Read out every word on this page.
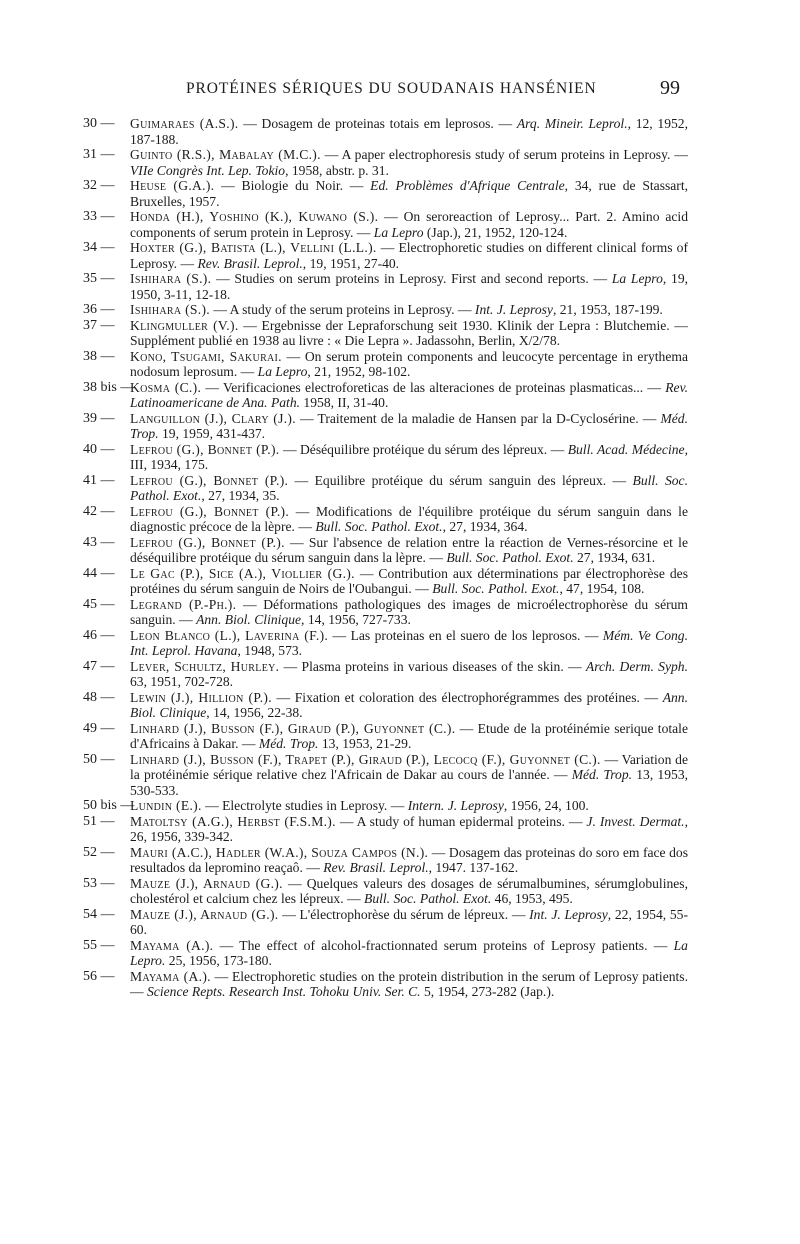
PROTÉINES SÉRIQUES DU SOUDANAIS HANSÉNIEN	99
30 — Guimaraes (A.S.). — Dosagem de proteinas totais em leprosos. — Arq. Mineir. Leprol., 12, 1952, 187-188.
31 — Guinto (R.S.), Mabalay (M.C.). — A paper electrophoresis study of serum proteins in Leprosy. — VIIe Congrès Int. Lep. Tokio, 1958, abstr. p. 31.
32 — Heuse (G.A.). — Biologie du Noir. — Ed. Problèmes d'Afrique Centrale, 34, rue de Stassart, Bruxelles, 1957.
33 — Honda (H.), Yoshino (K.), Kuwano (S.). — On seroreaction of Leprosy... Part. 2. Amino acid components of serum protein in Leprosy. — La Lepro (Jap.), 21, 1952, 120-124.
34 — Hoxter (G.), Batista (L.), Vellini (L.L.). — Electrophoretic studies on different clinical forms of Leprosy. — Rev. Brasil. Leprol., 19, 1951, 27-40.
35 — Ishihara (S.). — Studies on serum proteins in Leprosy. First and second reports. — La Lepro, 19, 1950, 3-11, 12-18.
36 — Ishihara (S.). — A study of the serum proteins in Leprosy. — Int. J. Leprosy, 21, 1953, 187-199.
37 — Klingmuller (V.). — Ergebnisse der Lepraforschung seit 1930. Klinik der Lepra : Blutchemie. — Supplément publié en 1938 au livre : « Die Lepra ». Jadassohn, Berlin, X/2/78.
38 — Kono, Tsugami, Sakurai. — On serum protein components and leucocyte percentage in erythema nodosum leprosum. — La Lepro, 21, 1952, 98-102.
38 bis —
Kosma (C.). — Verificaciones electroforeticas de las alteraciones de proteinas plasmaticas... — Rev. Latinoamericane de Ana. Path. 1958, II, 31-40.
39 — Languillon (J.), Clary (J.). — Traitement de la maladie de Hansen par la D-Cyclosérine. — Méd. Trop. 19, 1959, 431-437.
40 — Lefrou (G.), Bonnet (P.). — Déséquilibre protéique du sérum des lépreux. — Bull. Acad. Médecine, III, 1934, 175.
41 — Lefrou (G.), Bonnet (P.). — Equilibre protéique du sérum sanguin des lépreux. — Bull. Soc. Pathol. Exot., 27, 1934, 35.
42 — Lefrou (G.), Bonnet (P.). — Modifications de l'équilibre protéique du sérum sanguin dans le diagnostic précoce de la lèpre. — Bull. Soc. Pathol. Exot., 27, 1934, 364.
43 — Lefrou (G.), Bonnet (P.). — Sur l'absence de relation entre la réaction de Vernes-résorcine et le déséquilibre protéique du sérum sanguin dans la lèpre. — Bull. Soc. Pathol. Exot. 27, 1934, 631.
44 — Le Gac (P.), Sice (A.), Viollier (G.). — Contribution aux déterminations par électrophorèse des protéines du sérum sanguin de Noirs de l'Oubangui. — Bull. Soc. Pathol. Exot., 47, 1954, 108.
45 — Legrand (P.-Ph.). — Déformations pathologiques des images de microélectrophorèse du sérum sanguin. — Ann. Biol. Clinique, 14, 1956, 727-733.
46 — Leon Blanco (L.), Laverina (F.). — Las proteinas en el suero de los leprosos. — Mém. Ve Cong. Int. Leprol. Havana, 1948, 573.
47 — Lever, Schultz, Hurley. — Plasma proteins in various diseases of the skin. — Arch. Derm. Syph. 63, 1951, 702-728.
48 — Lewin (J.), Hillion (P.). — Fixation et coloration des électrophorégrammes des protéines. — Ann. Biol. Clinique, 14, 1956, 22-38.
49 — Linhard (J.), Busson (F.), Giraud (P.), Guyonnet (C.). — Etude de la protéinémie serique totale d'Africains à Dakar. — Méd. Trop. 13, 1953, 21-29.
50 — Linhard (J.), Busson (F.), Trapet (P.), Giraud (P.), Lecocq (F.), Guyonnet (C.). — Variation de la protéinémie sérique relative chez l'Africain de Dakar au cours de l'année. — Méd. Trop. 13, 1953, 530-533.
50 bis —
Lundin (E.). — Electrolyte studies in Leprosy. — Intern. J. Leprosy, 1956, 24, 100.
51 — Matoltsy (A.G.), Herbst (F.S.M.). — A study of human epidermal proteins. — J. Invest. Dermat., 26, 1956, 339-342.
52 — Mauri (A.C.), Hadler (W.A.), Souza Campos (N.). — Dosagem das proteinas do soro em face dos resultados da lepromino reaçaô. — Rev. Brasil. Leprol., 1947. 137-162.
53 — Mauze (J.), Arnaud (G.). — Quelques valeurs des dosages de sérumalbumines, sérumglobulines, cholestérol et calcium chez les lépreux. — Bull. Soc. Pathol. Exot. 46, 1953, 495.
54 — Mauze (J.), Arnaud (G.). — L'électrophorèse du sérum de lépreux. — Int. J. Leprosy, 22, 1954, 55-60.
55 — Mayama (A.). — The effect of alcohol-fractionnated serum proteins of Leprosy patients. — La Lepro. 25, 1956, 173-180.
56 — Mayama (A.). — Electrophoretic studies on the protein distribution in the serum of Leprosy patients. — Science Repts. Research Inst. Tohoku Univ. Ser. C. 5, 1954, 273-282 (Jap.).
